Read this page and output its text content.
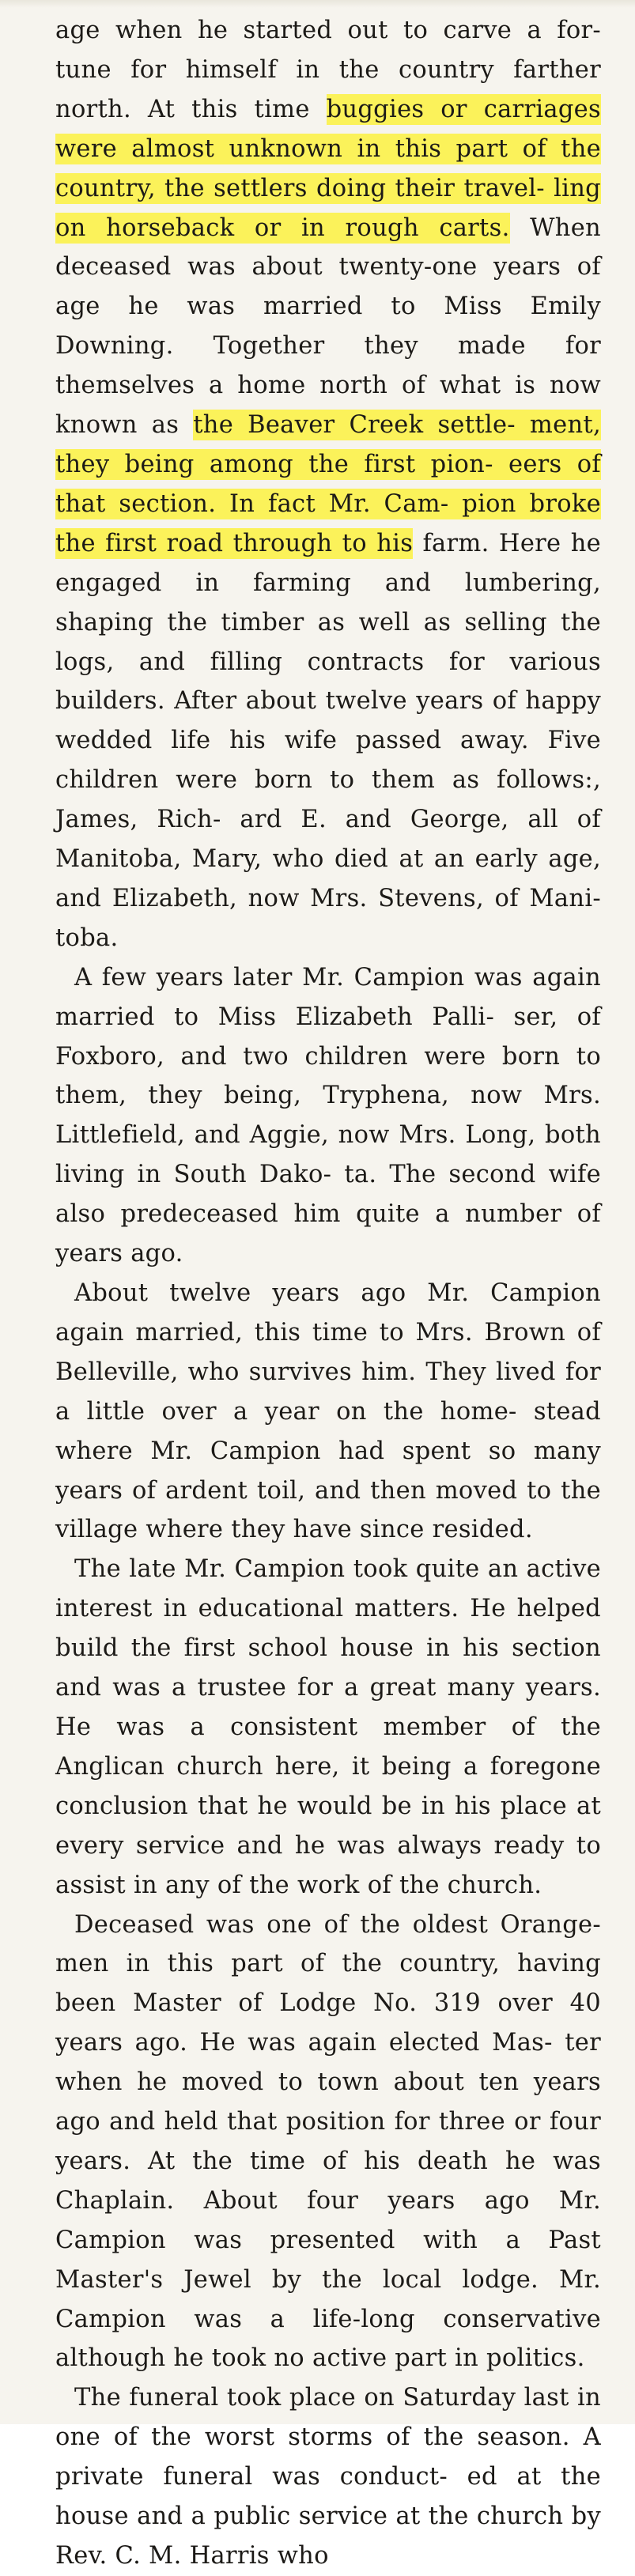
age when he started out to carve a for- tune for himself in the country farther north. At this time buggies or carriages were almost unknown in this part of the country, the settlers doing their travel- ling on horseback or in rough carts. When deceased was about twenty-one years of age he was married to Miss Emily Downing. Together they made for themselves a home north of what is now known as the Beaver Creek settle- ment, they being among the first pion- eers of that section. In fact Mr. Cam- pion broke the first road through to his farm. Here he engaged in farming and lumbering, shaping the timber as well as selling the logs, and filling contracts for various builders. After about twelve years of happy wedded life his wife passed away. Five children were born to them as follows:, James, Rich- ard E. and George, all of Manitoba, Mary, who died at an early age, and Elizabeth, now Mrs. Stevens, of Mani- toba.

A few years later Mr. Campion was again married to Miss Elizabeth Palli- ser, of Foxboro, and two children were born to them, they being, Tryphena, now Mrs. Littlefield, and Aggie, now Mrs. Long, both living in South Dako- ta. The second wife also predeceased him quite a number of years ago.

About twelve years ago Mr. Campion again married, this time to Mrs. Brown of Belleville, who survives him. They lived for a little over a year on the home- stead where Mr. Campion had spent so many years of ardent toil, and then moved to the village where they have since resided.

The late Mr. Campion took quite an active interest in educational matters. He helped build the first school house in his section and was a trustee for a great many years. He was a consistent member of the Anglican church here, it being a foregone conclusion that he would be in his place at every service and he was always ready to assist in any of the work of the church.

Deceased was one of the oldest Orange- men in this part of the country, having been Master of Lodge No. 319 over 40 years ago. He was again elected Mas- ter when he moved to town about ten years ago and held that position for three or four years. At the time of his death he was Chaplain. About four years ago Mr. Campion was presented with a Past Master's Jewel by the local lodge. Mr. Campion was a life-long conservative although he took no active part in politics.

The funeral took place on Saturday last in one of the worst storms of the season. A private funeral was conduct- ed at the house and a public service at the church by Rev. C. M. Harris who
